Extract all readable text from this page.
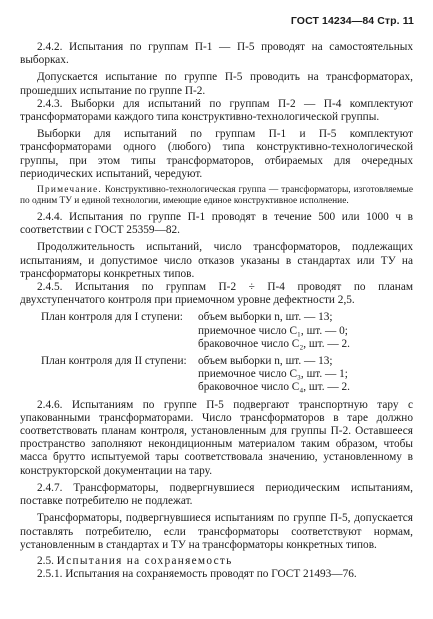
ГОСТ 14234—84 Стр. 11

2.4.2. Испытания по группам П-1 — П-5 проводят на самостоятельных выборках.

Допускается испытание по группе П-5 проводить на трансформаторах, прошедших испытание по группе П-2.

2.4.3. Выборки для испытаний по группам П-2 — П-4 комплектуют трансформаторами каждого типа конструктивно-технологической группы.

Выборки для испытаний по группам П-1 и П-5 комплектуют трансформаторами одного (любого) типа конструктивно-технологической группы, при этом типы трансформаторов, отбираемых для очередных периодических испытаний, чередуют.

Примечание. Конструктивно-технологическая группа — трансформаторы, изготовляемые по одним ТУ и единой технологии, имеющие единое конструктивное исполнение.

2.4.4. Испытания по группе П-1 проводят в течение 500 или 1000 ч в соответствии с ГОСТ 25359—82.

Продолжительность испытаний, число трансформаторов, подлежащих испытаниям, и допустимое число отказов указаны в стандартах или ТУ на трансформаторы конкретных типов.

2.4.5. Испытания по группам П-2 ÷ П-4 проводят по планам двухступенчатого контроля при приемочном уровне дефектности 2,5.

План контроля для I ступени:	объем выборки n, шт. — 13;
приемочное число C₁, шт. — 0;
браковочное число C₂, шт. — 2.
План контроля для II ступени:	объем выборки n, шт. — 13;
приемочное число C₃, шт. — 1;
браковочное число C₄, шт. — 2.

2.4.6. Испытаниям по группе П-5 подвергают транспортную тару с упакованными трансформаторами. Число трансформаторов в таре должно соответствовать планам контроля, установленным для группы П-2. Оставшееся пространство заполняют некондиционным материалом таким образом, чтобы масса брутто испытуемой тары соответствовала значению, установленному в конструкторской документации на тару.

2.4.7. Трансформаторы, подвергнувшиеся периодическим испытаниям, поставке потребителю не подлежат.

Трансформаторы, подвергнувшиеся испытаниям по группе П-5, допускается поставлять потребителю, если трансформаторы соответствуют нормам, установленным в стандартах и ТУ на трансформаторы конкретных типов.

2.5. Испытания на сохраняемость

2.5.1. Испытания на сохраняемость проводят по ГОСТ 21493—76.
